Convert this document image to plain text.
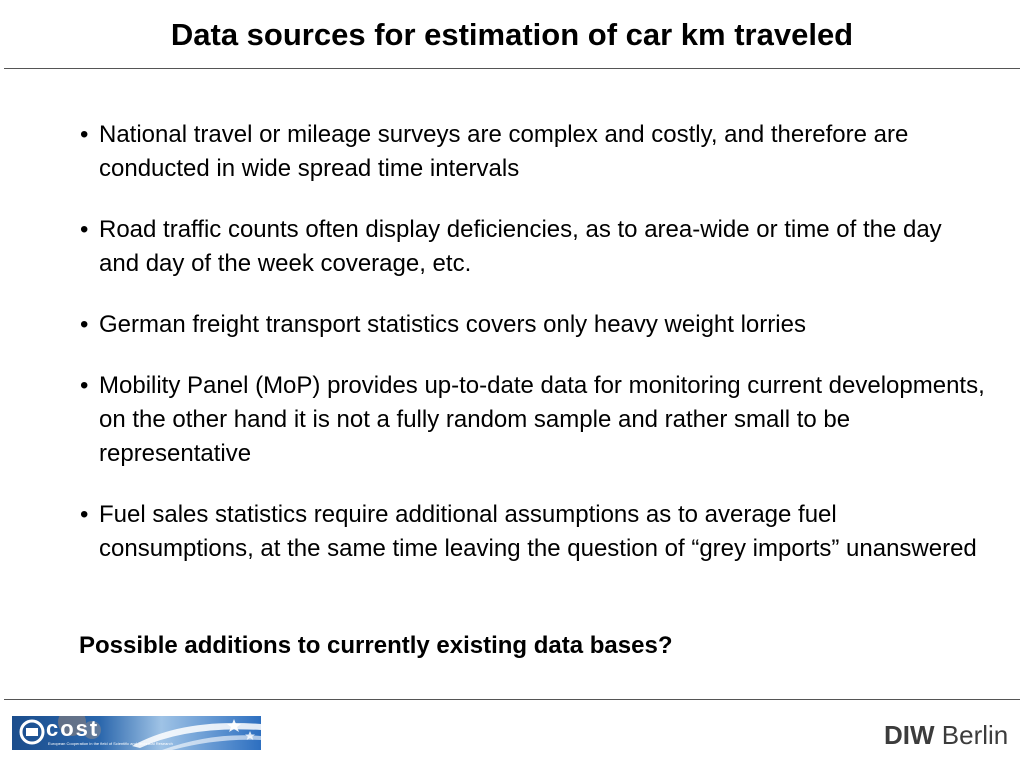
Data sources for estimation of car km traveled
• National travel or mileage surveys are complex and costly, and therefore are conducted in wide spread time intervals
• Road traffic counts often display deficiencies, as to area-wide or time of the day and day of the week coverage, etc.
• German freight transport statistics covers only heavy weight lorries
• Mobility Panel (MoP) provides up-to-date data for monitoring current developments, on the other hand it is not a fully random sample and rather small to be representative
• Fuel sales statistics require additional assumptions as to average fuel consumptions, at the same time leaving the question of “grey imports” unanswered
Possible additions to currently existing data bases?
cost
European Cooperation in the field of Scientific and Technical Research	DIW Berlin
